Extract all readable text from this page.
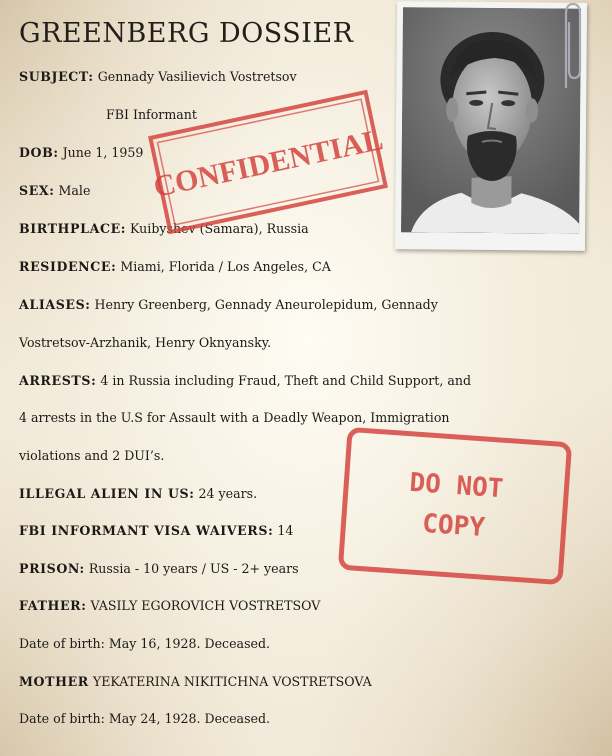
GREENBERG DOSSIER
SUBJECT: Gennady Vasilievich Vostretsov
FBI Informant
DOB: June 1, 1959
SEX: Male
BIRTHPLACE: Kuibyshev (Samara), Russia
RESIDENCE: Miami, Florida / Los Angeles, CA
ALIASES: Henry Greenberg, Gennady Aneurolepidum, Gennady
Vostretsov-Arzhanik, Henry Oknyansky.
ARRESTS: 4 in Russia including Fraud, Theft and Child Support, and
4 arrests in the U.S for Assault with a Deadly Weapon, Immigration
violations and 2 DUI’s.
ILLEGAL ALIEN IN US: 24 years.
FBI INFORMANT VISA WAIVERS: 14
PRISON: Russia - 10 years / US - 2+ years
FATHER: VASILY EGOROVICH VOSTRETSOV
Date of birth: May 16, 1928. Deceased.
MOTHER YEKATERINA NIKITICHNA VOSTRETSOVA
Date of birth: May 24, 1928. Deceased.
CONFIDENTIAL
DO NOT
COPY
